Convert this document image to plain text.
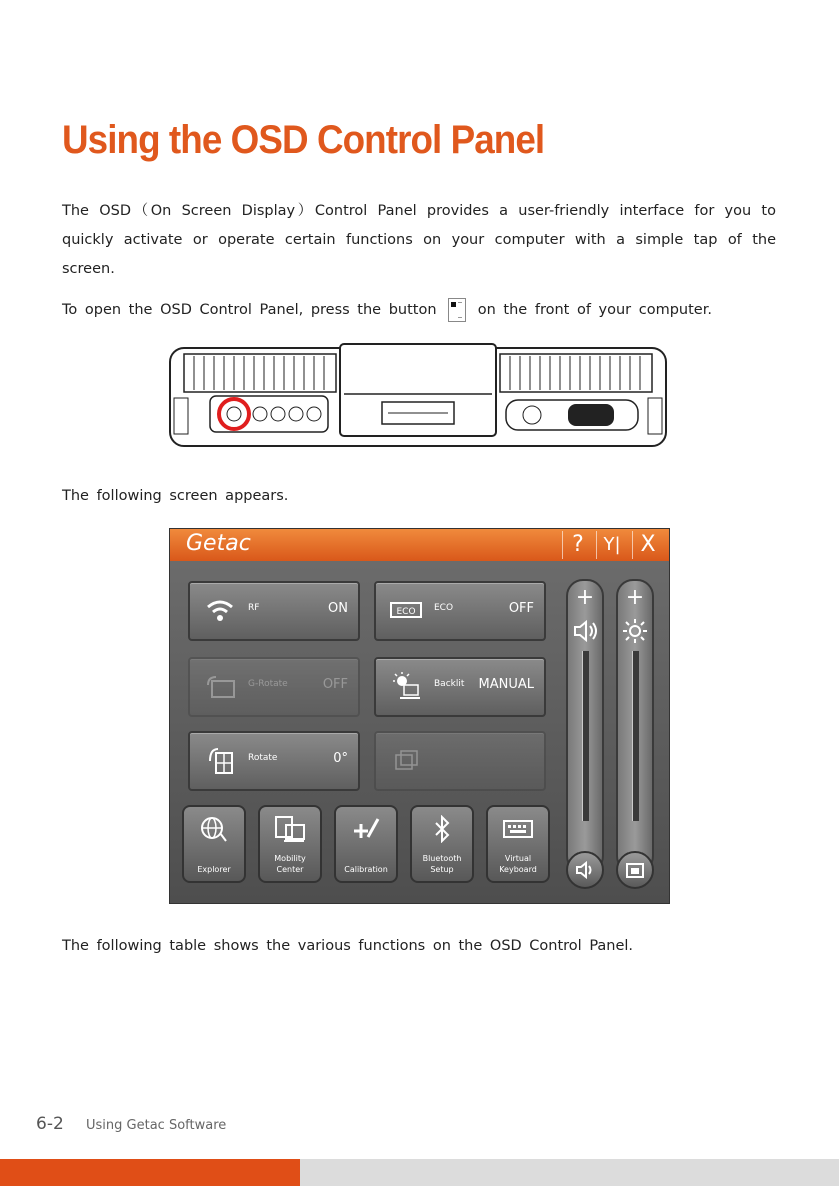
Using the OSD Control Panel
The OSD（On Screen Display）Control Panel provides a user-friendly interface for you to quickly activate or operate certain functions on your computer with a simple tap of the screen.
To open the OSD Control Panel, press the button	on the front of your computer.
The following screen appears.
Getac	?	Y| X
RF	ON	ECO ECO	OFF
G-Rotate	OFF	Backlit MANUAL
Rotate	0°
Explorer
Mobility Center	Calibration
Bluetooth Setup
Virtual Keyboard
+ +
The following table shows the various functions on the OSD Control Panel.
6-2 Using Getac Software
